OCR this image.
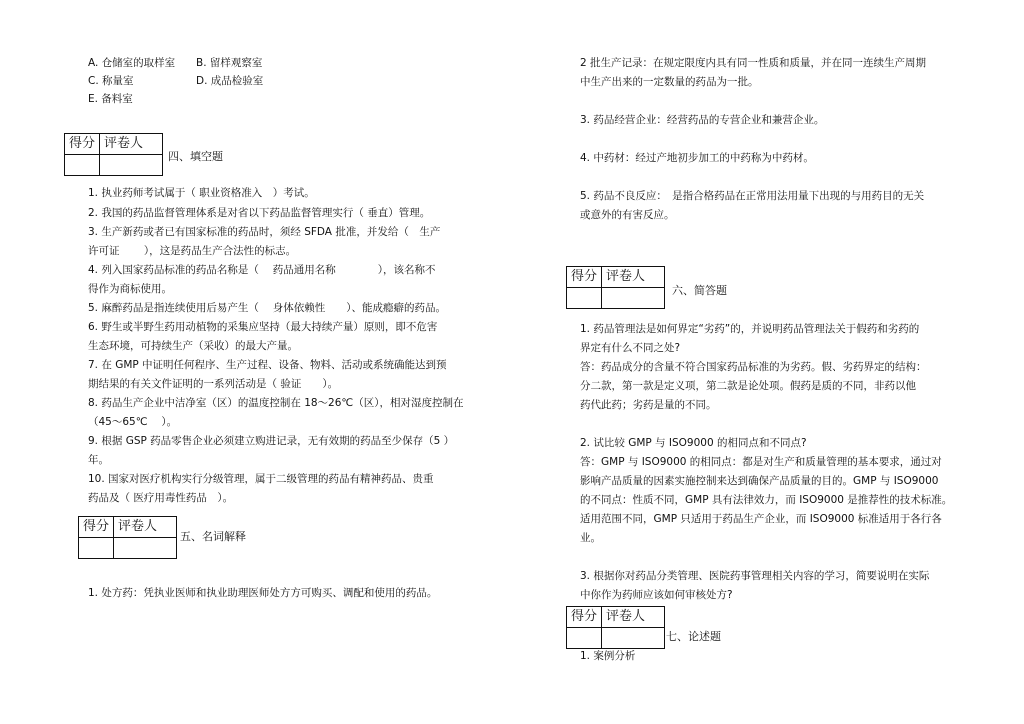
A. 仓储室的取样室 B. 留样观察室
C. 称量室	D. 成品检验室
E. 备料室
得分	评卷人

四、填空题
1. 执业药师考试属于（ 职业资格准入　）考试。
2. 我国的药品监督管理体系是对省以下药品监督管理实行（ 垂直）管理。
3. 生产新药或者已有国家标准的药品时，须经 SFDA 批准，并发给（　生产
许可证　　 ），这是药品生产合法性的标志。
4. 列入国家药品标准的药品名称是（　 药品通用名称　　　　），该名称不
得作为商标使用。
5. 麻醉药品是指连续使用后易产生（　 身体依赖性　　）、能成瘾癖的药品。
6. 野生或半野生药用动植物的采集应坚持（最大持续产量）原则，即不危害
生态环境，可持续生产（采收）的最大产量。
7. 在 GMP 中证明任何程序、生产过程、设备、物料、活动或系统确能达到预
期结果的有关文件证明的一系列活动是（ 验证　　）。
8. 药品生产企业中洁净室（区）的温度控制在 18～26℃（区），相对湿度控制在
（45～65℃　 ）。
9. 根据 GSP 药品零售企业必须建立购进记录，无有效期的药品至少保存（5 ）
年。
10. 国家对医疗机构实行分级管理，属于二级管理的药品有精神药品、贵重
药品及（ 医疗用毒性药品　）。
得分	评卷人

五、名词解释
1. 处方药：凭执业医师和执业助理医师处方方可购买、调配和使用的药品。
2 批生产记录：在规定限度内具有同一性质和质量，并在同一连续生产周期
中生产出来的一定数量的药品为一批。
3. 药品经营企业：经营药品的专营企业和兼营企业。
4. 中药材：经过产地初步加工的中药称为中药材。
5. 药品不良反应：　是指合格药品在正常用法用量下出现的与用药目的无关
或意外的有害反应。
得分	评卷人

六、简答题
1. 药品管理法是如何界定“劣药”的，并说明药品管理法关于假药和劣药的
界定有什么不同之处?
答：药品成分的含量不符合国家药品标准的为劣药。假、劣药界定的结构：
分二款，第一款是定义项，第二款是论处项。假药是质的不同，非药以他
药代此药；劣药是量的不同。
2. 试比较 GMP 与 ISO9000 的相同点和不同点?
答：GMP 与 ISO9000 的相同点：都是对生产和质量管理的基本要求，通过对
影响产品质量的因素实施控制来达到确保产品质量的目的。GMP 与 ISO9000
的不同点：性质不同，GMP 具有法律效力，而 ISO9000 是推荐性的技术标准。
适用范围不同，GMP 只适用于药品生产企业，而 ISO9000 标准适用于各行各
业。
3. 根据你对药品分类管理、医院药事管理相关内容的学习，简要说明在实际
中你作为药师应该如何审核处方?
得分	评卷人

七、论述题
1. 案例分析
